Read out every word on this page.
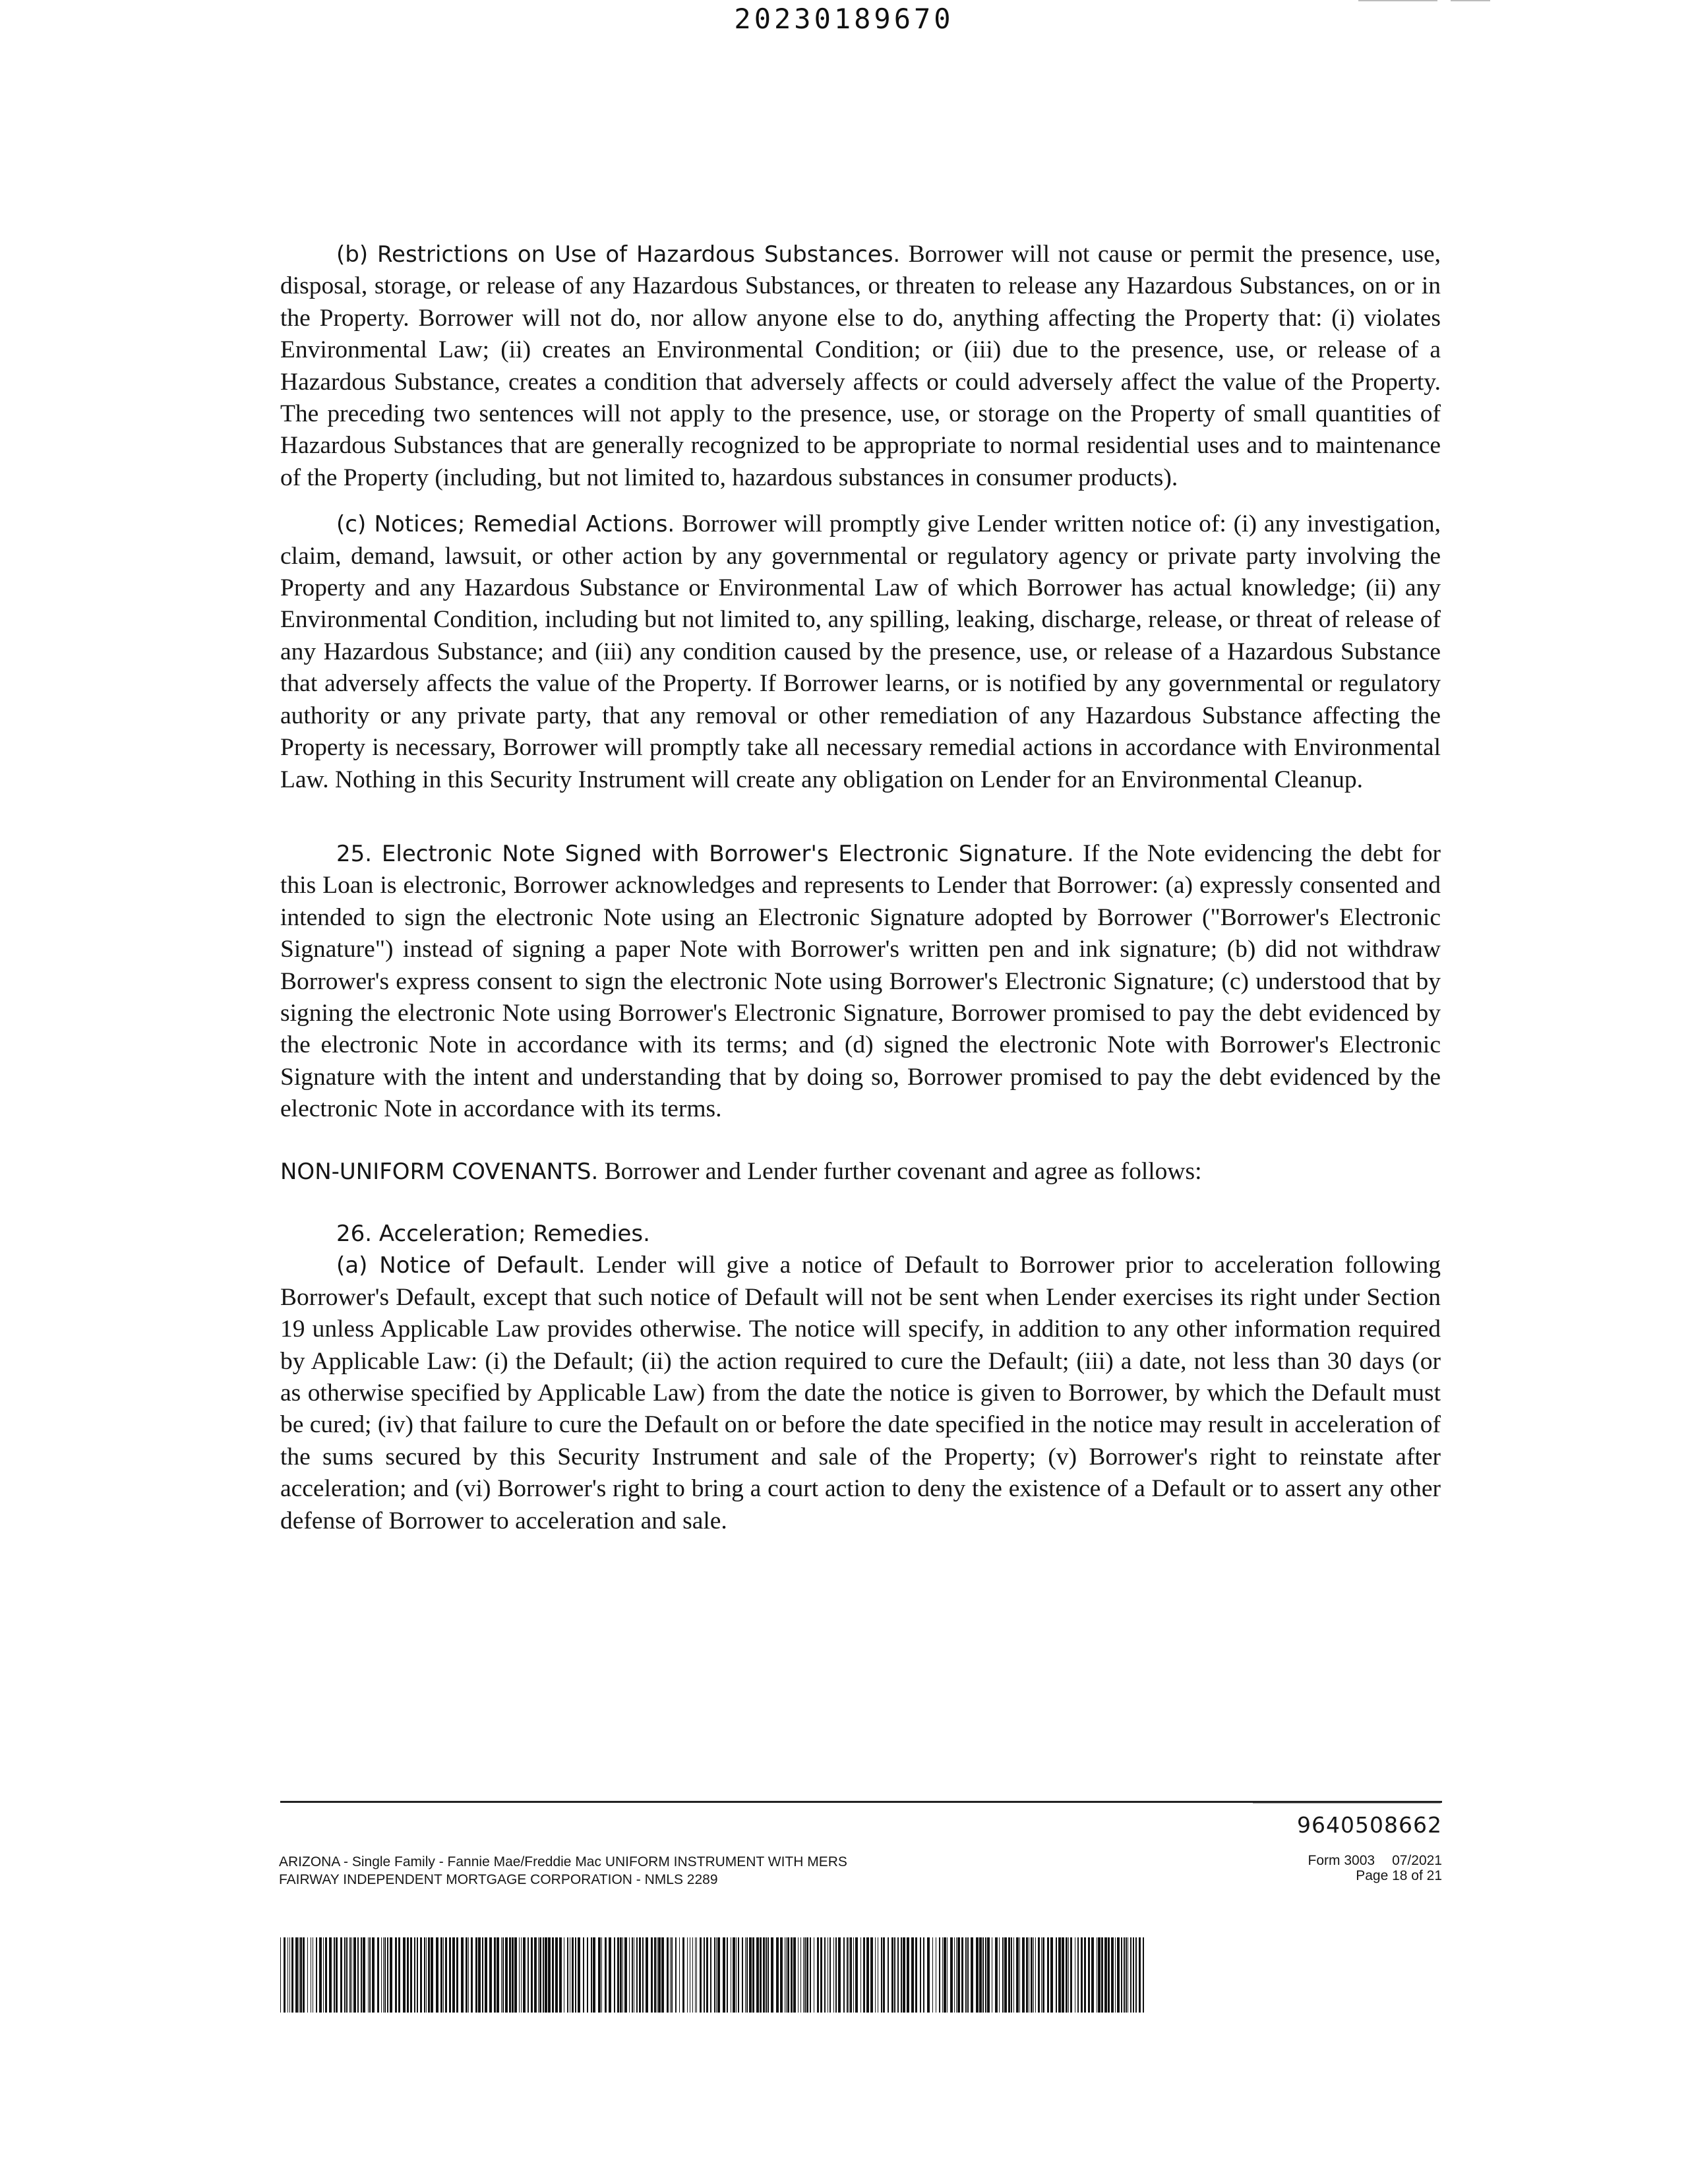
20230189670

(b) Restrictions on Use of Hazardous Substances. Borrower will not cause or permit the presence, use, disposal, storage, or release of any Hazardous Substances, or threaten to release any Hazardous Substances, on or in the Property. Borrower will not do, nor allow anyone else to do, anything affecting the Property that: (i) violates Environmental Law; (ii) creates an Environmental Condition; or (iii) due to the presence, use, or release of a Hazardous Substance, creates a condition that adversely affects or could adversely affect the value of the Property. The preceding two sentences will not apply to the presence, use, or storage on the Property of small quantities of Hazardous Substances that are generally recognized to be appropriate to normal residential uses and to maintenance of the Property (including, but not limited to, hazardous substances in consumer products).

(c) Notices; Remedial Actions. Borrower will promptly give Lender written notice of: (i) any investigation, claim, demand, lawsuit, or other action by any governmental or regulatory agency or private party involving the Property and any Hazardous Substance or Environmental Law of which Borrower has actual knowledge; (ii) any Environmental Condition, including but not limited to, any spilling, leaking, discharge, release, or threat of release of any Hazardous Substance; and (iii) any condition caused by the presence, use, or release of a Hazardous Substance that adversely affects the value of the Property. If Borrower learns, or is notified by any governmental or regulatory authority or any private party, that any removal or other remediation of any Hazardous Substance affecting the Property is necessary, Borrower will promptly take all necessary remedial actions in accordance with Environmental Law. Nothing in this Security Instrument will create any obligation on Lender for an Environmental Cleanup.

25. Electronic Note Signed with Borrower's Electronic Signature. If the Note evidencing the debt for this Loan is electronic, Borrower acknowledges and represents to Lender that Borrower: (a) expressly consented and intended to sign the electronic Note using an Electronic Signature adopted by Borrower ("Borrower's Electronic Signature") instead of signing a paper Note with Borrower's written pen and ink signature; (b) did not withdraw Borrower's express consent to sign the electronic Note using Borrower's Electronic Signature; (c) understood that by signing the electronic Note using Borrower's Electronic Signature, Borrower promised to pay the debt evidenced by the electronic Note in accordance with its terms; and (d) signed the electronic Note with Borrower's Electronic Signature with the intent and understanding that by doing so, Borrower promised to pay the debt evidenced by the electronic Note in accordance with its terms.

NON-UNIFORM COVENANTS. Borrower and Lender further covenant and agree as follows:

26. Acceleration; Remedies.

(a) Notice of Default. Lender will give a notice of Default to Borrower prior to acceleration following Borrower's Default, except that such notice of Default will not be sent when Lender exercises its right under Section 19 unless Applicable Law provides otherwise. The notice will specify, in addition to any other information required by Applicable Law: (i) the Default; (ii) the action required to cure the Default; (iii) a date, not less than 30 days (or as otherwise specified by Applicable Law) from the date the notice is given to Borrower, by which the Default must be cured; (iv) that failure to cure the Default on or before the date specified in the notice may result in acceleration of the sums secured by this Security Instrument and sale of the Property; (v) Borrower's right to reinstate after acceleration; and (vi) Borrower's right to bring a court action to deny the existence of a Default or to assert any other defense of Borrower to acceleration and sale.

9640508662
ARIZONA - Single Family - Fannie Mae/Freddie Mac UNIFORM INSTRUMENT WITH MERS
FAIRWAY INDEPENDENT MORTGAGE CORPORATION - NMLS 2289
Form 3003 07/2021
Page 18 of 21
